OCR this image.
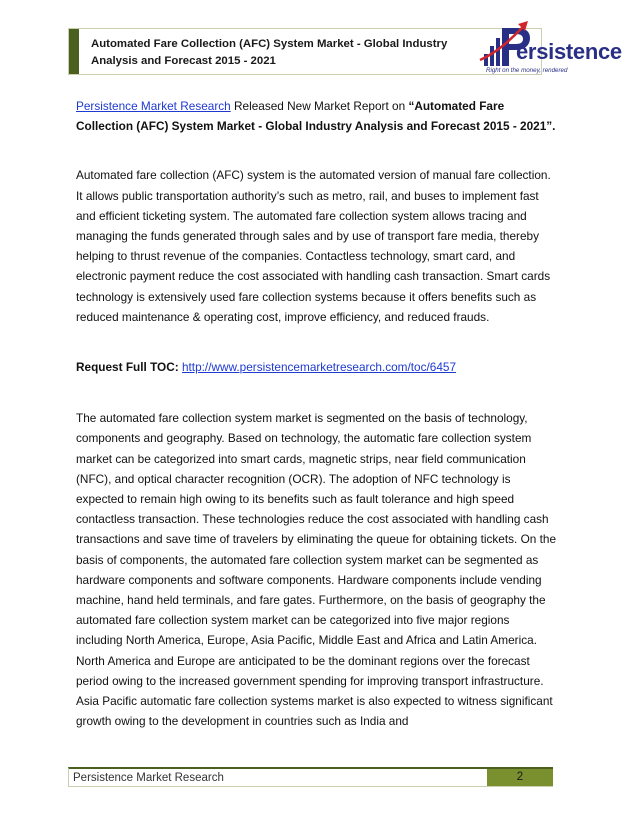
Automated Fare Collection (AFC) System Market - Global Industry
Analysis and Forecast 2015 - 2021	ersistence
Right on the money, rendered

Persistence Market Research Released New Market Report on “Automated Fare Collection (AFC) System Market - Global Industry Analysis and Forecast 2015 - 2021”.

Automated fare collection (AFC) system is the automated version of manual fare collection. It allows public transportation authority’s such as metro, rail, and buses to implement fast and efficient ticketing system. The automated fare collection system allows tracing and managing the funds generated through sales and by use of transport fare media, thereby helping to thrust revenue of the companies. Contactless technology, smart card, and electronic payment reduce the cost associated with handling cash transaction. Smart cards technology is extensively used fare collection systems because it offers benefits such as reduced maintenance & operating cost, improve efficiency, and reduced frauds.

Request Full TOC: http://www.persistencemarketresearch.com/toc/6457

The automated fare collection system market is segmented on the basis of technology, components and geography. Based on technology, the automatic fare collection system market can be categorized into smart cards, magnetic strips, near field communication (NFC), and optical character recognition (OCR). The adoption of NFC technology is expected to remain high owing to its benefits such as fault tolerance and high speed contactless transaction. These technologies reduce the cost associated with handling cash transactions and save time of travelers by eliminating the queue for obtaining tickets. On the basis of components, the automated fare collection system market can be segmented as hardware components and software components. Hardware components include vending machine, hand held terminals, and fare gates. Furthermore, on the basis of geography the automated fare collection system market can be categorized into five major regions including North America, Europe, Asia Pacific, Middle East and Africa and Latin America. North America and Europe are anticipated to be the dominant regions over the forecast period owing to the increased government spending for improving transport infrastructure. Asia Pacific automatic fare collection systems market is also expected to witness significant growth owing to the development in countries such as India and

Persistence Market Research	2
